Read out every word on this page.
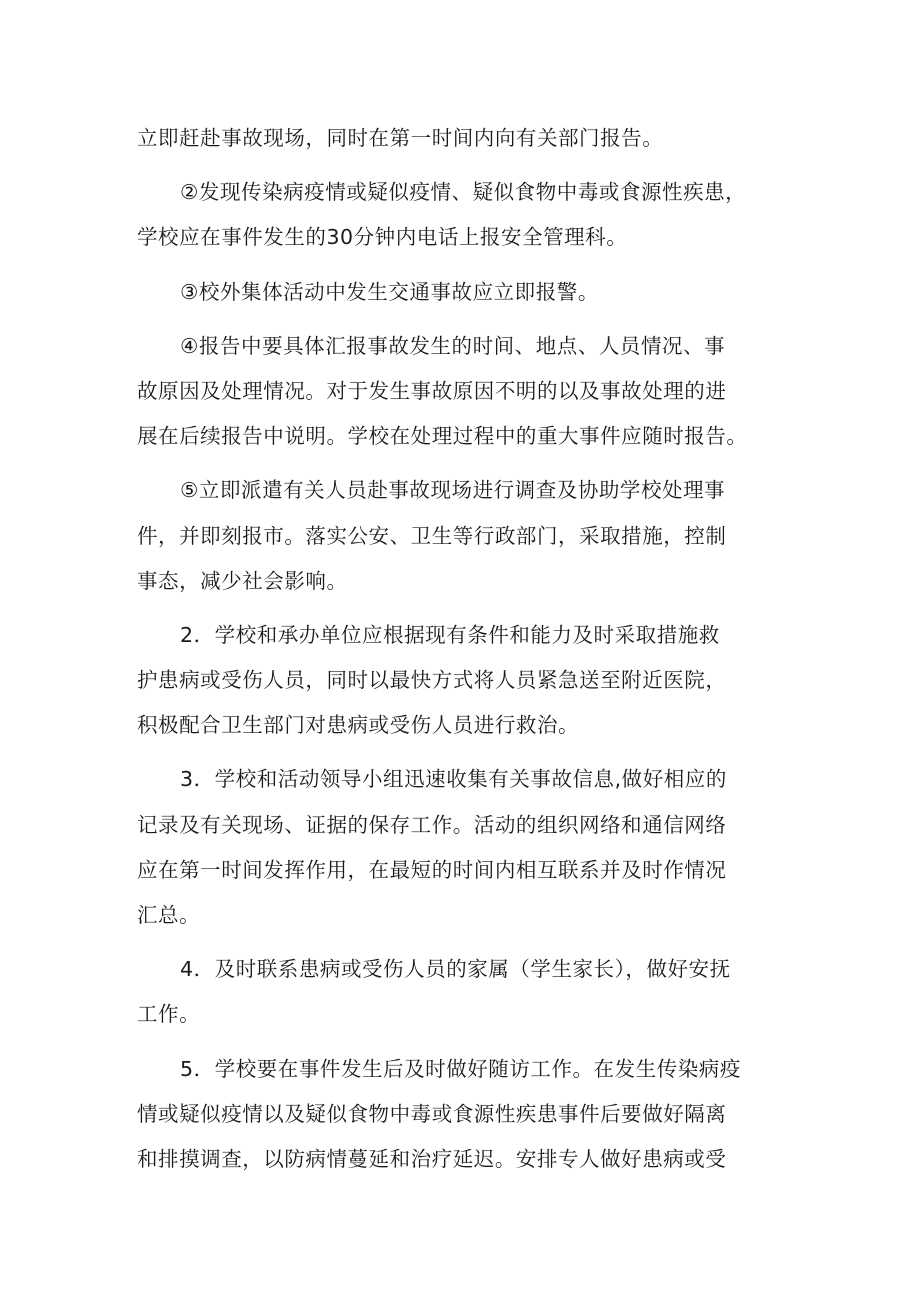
立即赶赴事故现场，同时在第一时间内向有关部门报告。
②发现传染病疫情或疑似疫情、疑似食物中毒或食源性疾患，
学校应在事件发生的30分钟内电话上报安全管理科。
③校外集体活动中发生交通事故应立即报警。
④报告中要具体汇报事故发生的时间、地点、人员情况、事
故原因及处理情况。对于发生事故原因不明的以及事故处理的进
展在后续报告中说明。学校在处理过程中的重大事件应随时报告。
⑤立即派遣有关人员赴事故现场进行调查及协助学校处理事
件，并即刻报市。落实公安、卫生等行政部门，采取措施，控制
事态，减少社会影响。
2．学校和承办单位应根据现有条件和能力及时采取措施救
护患病或受伤人员，同时以最快方式将人员紧急送至附近医院，
积极配合卫生部门对患病或受伤人员进行救治。
3．学校和活动领导小组迅速收集有关事故信息,做好相应的
记录及有关现场、证据的保存工作。活动的组织网络和通信网络
应在第一时间发挥作用，在最短的时间内相互联系并及时作情况
汇总。
4．及时联系患病或受伤人员的家属（学生家长），做好安抚
工作。
5．学校要在事件发生后及时做好随访工作。在发生传染病疫
情或疑似疫情以及疑似食物中毒或食源性疾患事件后要做好隔离
和排摸调查，以防病情蔓延和治疗延迟。安排专人做好患病或受
